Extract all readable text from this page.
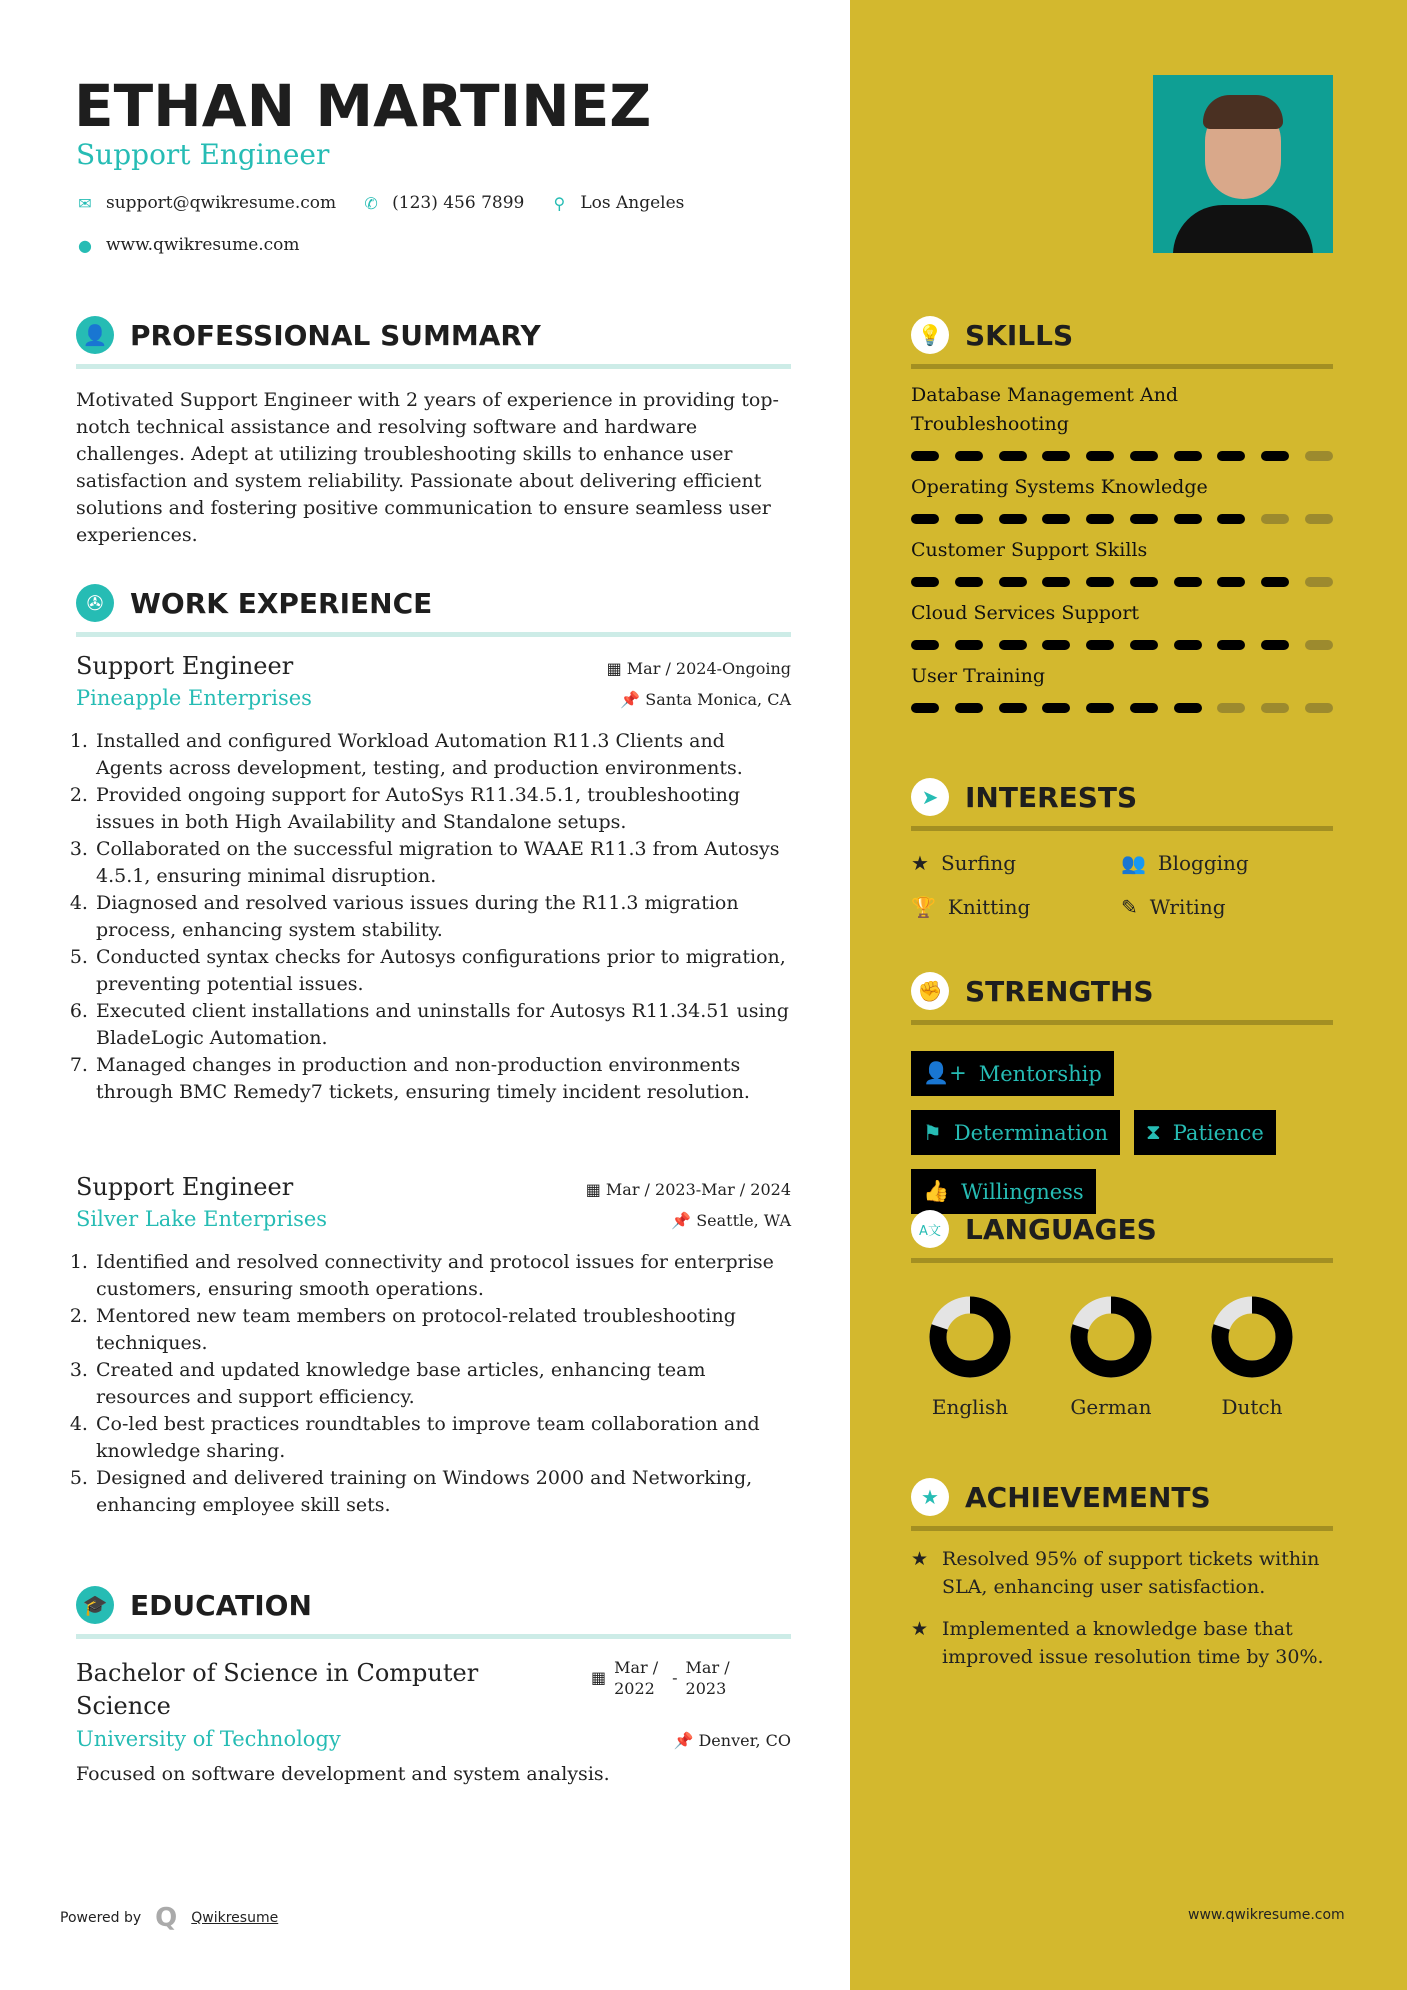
ETHAN MARTINEZ
Support Engineer
✉ support@qwikresume.com ✆ (123) 456 7899 ⚲ Los Angeles
● www.qwikresume.com
👤 PROFESSIONAL SUMMARY

Motivated Support Engineer with 2 years of experience in providing top-notch technical assistance and resolving software and hardware challenges. Adept at utilizing troubleshooting skills to enhance user satisfaction and system reliability. Passionate about delivering efficient solutions and fostering positive communication to ensure seamless user experiences.

✇ WORK EXPERIENCE
Support Engineer	▦ Mar / 2024-Ongoing
Pineapple Enterprises	📌 Santa Monica, CA
1. Installed and configured Workload Automation R11.3 Clients and Agents across development, testing, and production environments.
2. Provided ongoing support for AutoSys R11.34.5.1, troubleshooting issues in both High Availability and Standalone setups.
3. Collaborated on the successful migration to WAAE R11.3 from Autosys 4.5.1, ensuring minimal disruption.
4. Diagnosed and resolved various issues during the R11.3 migration process, enhancing system stability.
5. Conducted syntax checks for Autosys configurations prior to migration, preventing potential issues.
6. Executed client installations and uninstalls for Autosys R11.34.51 using BladeLogic Automation.
7. Managed changes in production and non-production environments through BMC Remedy7 tickets, ensuring timely incident resolution.
Support Engineer	▦ Mar / 2023-Mar / 2024
Silver Lake Enterprises	📌 Seattle, WA
1. Identified and resolved connectivity and protocol issues for enterprise customers, ensuring smooth operations.
2. Mentored new team members on protocol-related troubleshooting techniques.
3. Created and updated knowledge base articles, enhancing team resources and support efficiency.
4. Co-led best practices roundtables to improve team collaboration and knowledge sharing.
5. Designed and delivered training on Windows 2000 and Networking, enhancing employee skill sets.
🎓 EDUCATION
Bachelor of Science in Computer Science
▦
Mar / 2022
-
Mar / 2023
University of Technology	📌 Denver, CO

Focused on software development and system analysis.

Powered by Q Qwikresume
💡 SKILLS
Database Management And Troubleshooting
Operating Systems Knowledge
Customer Support Skills
Cloud Services Support
User Training
➤ INTERESTS
★ Surfing	👥 Blogging
🏆 Knitting	✎ Writing
✊ STRENGTHS
👤+ Mentorship
⚑ Determination ⧗ Patience
👍 Willingness
A文 LANGUAGES
English	German	Dutch
★ ACHIEVEMENTS
★ Resolved 95% of support tickets within SLA, enhancing user satisfaction.
★ Implemented a knowledge base that improved issue resolution time by 30%.
www.qwikresume.com
